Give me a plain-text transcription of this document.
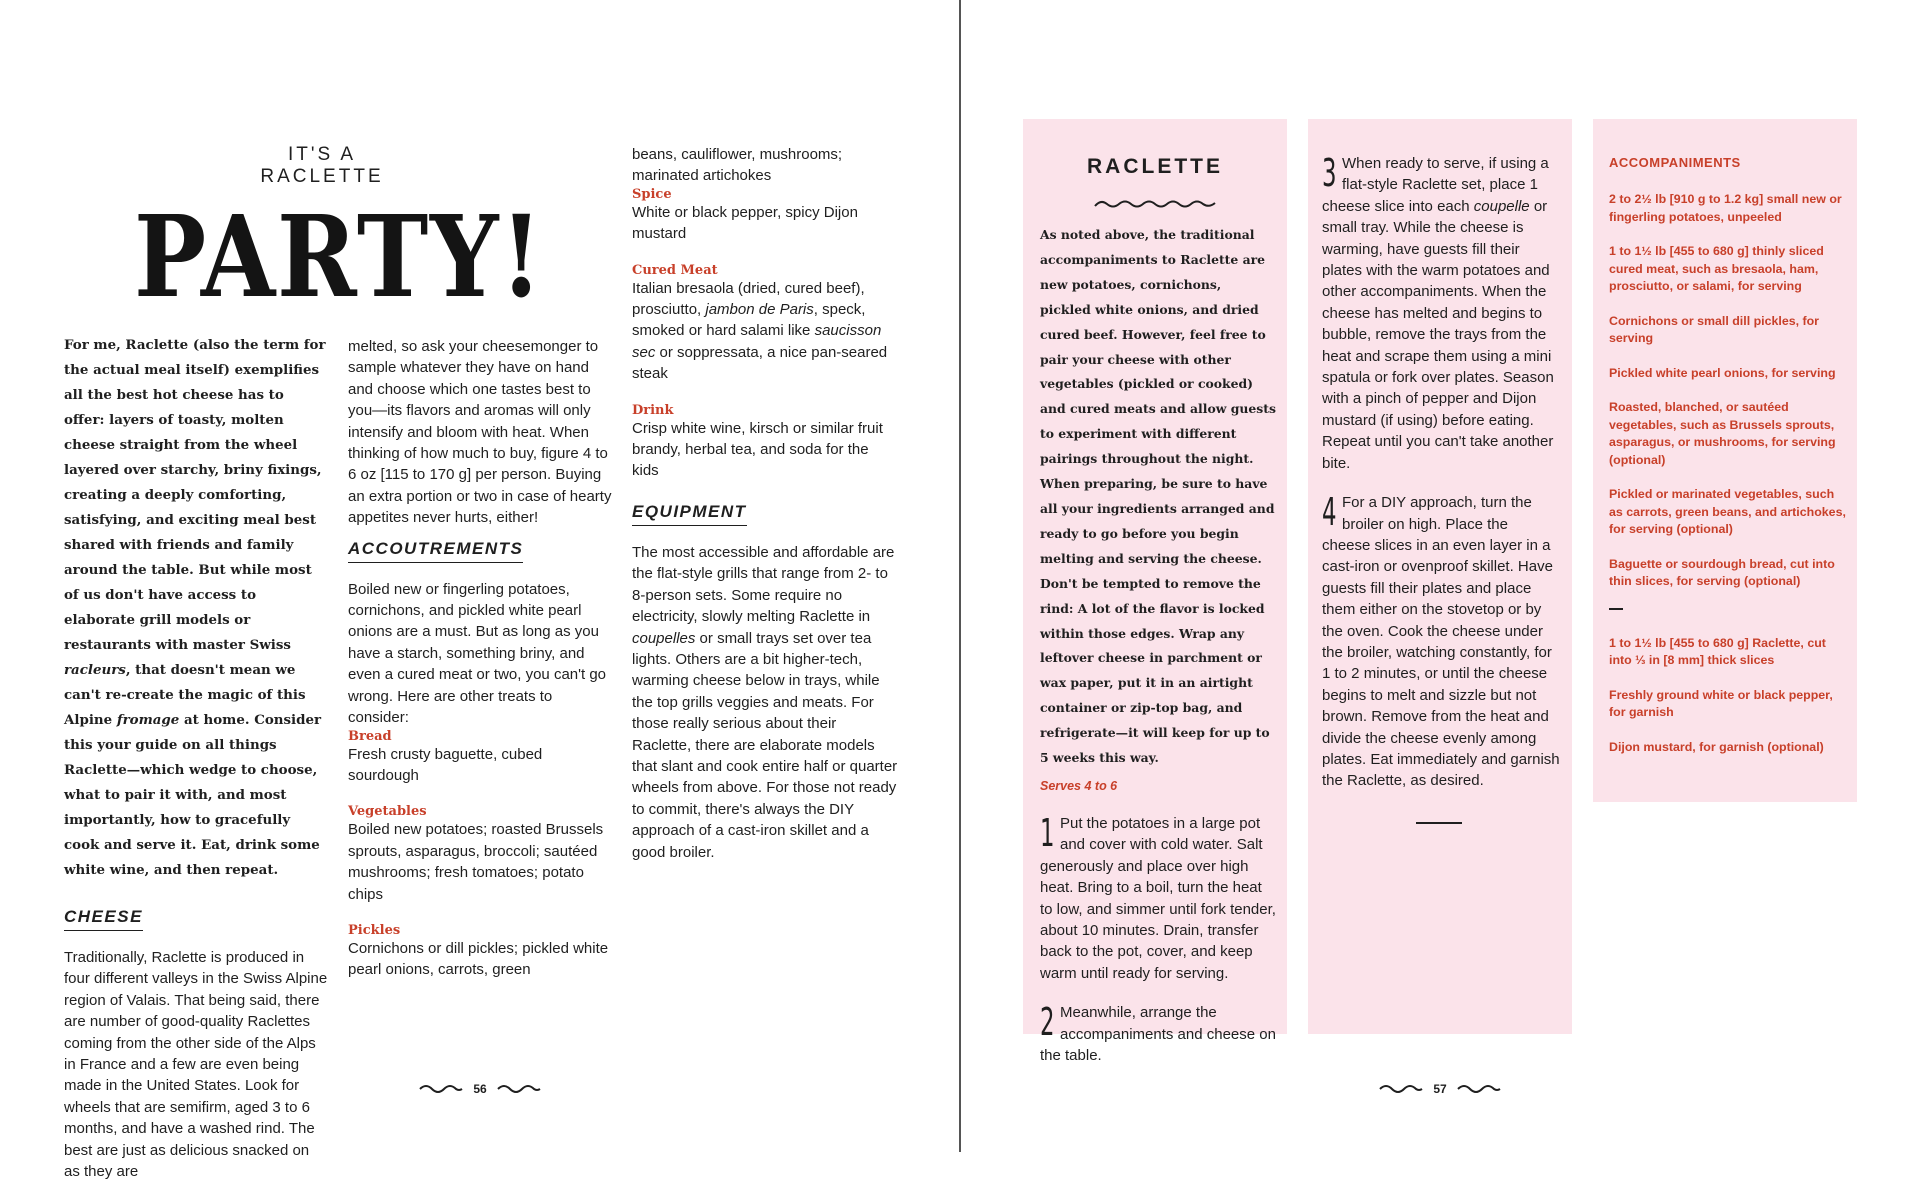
IT'S A RACLETTE
PARTY!

For me, Raclette (also the term for the actual meal itself) exemplifies all the best hot cheese has to offer: layers of toasty, molten cheese straight from the wheel layered over starchy, briny fixings, creating a deeply comforting, satisfying, and exciting meal best shared with friends and family around the table. But while most of us don't have access to elaborate grill models or restaurants with master Swiss racleurs, that doesn't mean we can't re-create the magic of this Alpine fromage at home. Consider this your guide on all things Raclette—which wedge to choose, what to pair it with, and most importantly, how to gracefully cook and serve it. Eat, drink some white wine, and then repeat.

CHEESE

Traditionally, Raclette is produced in four different valleys in the Swiss Alpine region of Valais. That being said, there are number of good-quality Raclettes coming from the other side of the Alps in France and a few are even being made in the United States. Look for wheels that are semifirm, aged 3 to 6 months, and have a washed rind. The best are just as delicious snacked on as they are

melted, so ask your cheesemonger to sample whatever they have on hand and choose which one tastes best to you—its flavors and aromas will only intensify and bloom with heat. When thinking of how much to buy, figure 4 to 6 oz [115 to 170 g] per person. Buying an extra portion or two in case of hearty appetites never hurts, either!

ACCOUTREMENTS

Boiled new or fingerling potatoes, cornichons, and pickled white pearl onions are a must. But as long as you have a starch, something briny, and even a cured meat or two, you can't go wrong. Here are other treats to consider:

Bread

Fresh crusty baguette, cubed sourdough

Vegetables

Boiled new potatoes; roasted Brussels sprouts, asparagus, broccoli; sautéed mushrooms; fresh tomatoes; potato chips

Pickles

Cornichons or dill pickles; pickled white pearl onions, carrots, green

beans, cauliflower, mushrooms; marinated artichokes

Spice

White or black pepper, spicy Dijon mustard

Cured Meat

Italian bresaola (dried, cured beef), prosciutto, jambon de Paris, speck, smoked or hard salami like saucisson sec or soppressata, a nice pan-seared steak

Drink

Crisp white wine, kirsch or similar fruit brandy, herbal tea, and soda for the kids

EQUIPMENT

The most accessible and affordable are the flat-style grills that range from 2- to 8-person sets. Some require no electricity, slowly melting Raclette in coupelles or small trays set over tea lights. Others are a bit higher-tech, warming cheese below in trays, while the top grills veggies and meats. For those really serious about their Raclette, there are elaborate models that slant and cook entire half or quarter wheels from above. For those not ready to commit, there's always the DIY approach of a cast-iron skillet and a good broiler.

56
RACLETTE

As noted above, the traditional accompaniments to Raclette are new potatoes, cornichons, pickled white onions, and dried cured beef. However, feel free to pair your cheese with other vegetables (pickled or cooked) and cured meats and allow guests to experiment with different pairings throughout the night. When preparing, be sure to have all your ingredients arranged and ready to go before you begin melting and serving the cheese. Don't be tempted to remove the rind: A lot of the flavor is locked within those edges. Wrap any leftover cheese in parchment or wax paper, put it in an airtight container or zip-top bag, and refrigerate—it will keep for up to 5 weeks this way.

Serves 4 to 6

1 Put the potatoes in a large pot and cover with cold water. Salt generously and place over high heat. Bring to a boil, turn the heat to low, and simmer until fork tender, about 10 minutes. Drain, transfer back to the pot, cover, and keep warm until ready for serving.
2 Meanwhile, arrange the accompaniments and cheese on the table.
3 When ready to serve, if using a flat-style Raclette set, place 1 cheese slice into each coupelle or small tray. While the cheese is warming, have guests fill their plates with the warm potatoes and other accompaniments. When the cheese has melted and begins to bubble, remove the trays from the heat and scrape them using a mini spatula or fork over plates. Season with a pinch of pepper and Dijon mustard (if using) before eating. Repeat until you can't take another bite.
4 For a DIY approach, turn the broiler on high. Place the cheese slices in an even layer in a cast-iron or ovenproof skillet. Have guests fill their plates and place them either on the stovetop or by the oven. Cook the cheese under the broiler, watching constantly, for 1 to 2 minutes, or until the cheese begins to melt and sizzle but not brown. Remove from the heat and divide the cheese evenly among plates. Eat immediately and garnish the Raclette, as desired.

ACCOMPANIMENTS

2 to 2½ lb [910 g to 1.2 kg] small new or fingerling potatoes, unpeeled

1 to 1½ lb [455 to 680 g] thinly sliced cured meat, such as bresaola, ham, prosciutto, or salami, for serving

Cornichons or small dill pickles, for serving

Pickled white pearl onions, for serving

Roasted, blanched, or sautéed vegetables, such as Brussels sprouts, asparagus, or mushrooms, for serving (optional)

Pickled or marinated vegetables, such as carrots, green beans, and artichokes, for serving (optional)

Baguette or sourdough bread, cut into thin slices, for serving (optional)

1 to 1½ lb [455 to 680 g] Raclette, cut into ⅓ in [8 mm] thick slices

Freshly ground white or black pepper, for garnish

Dijon mustard, for garnish (optional)

57
